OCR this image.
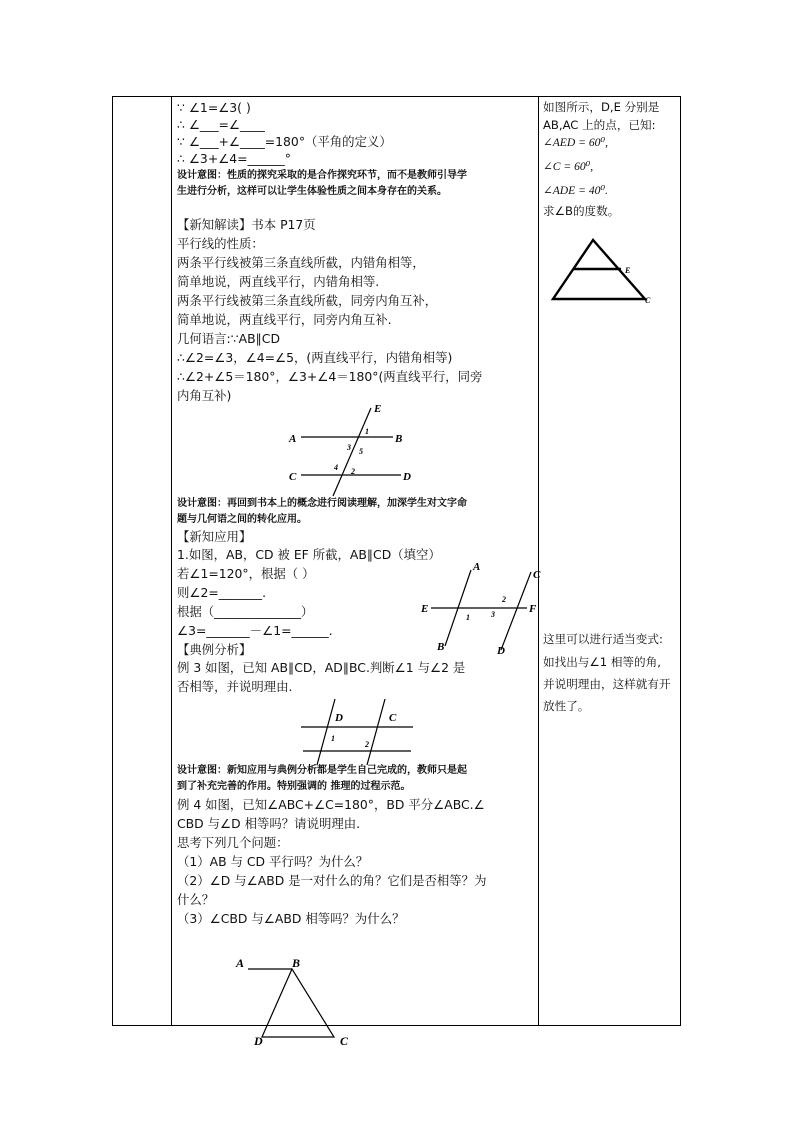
∵ ∠1=∠3( )
∴ ∠___=∠____
∵ ∠___+∠____=180°（平角的定义）
∴ ∠3+∠4=______°
设计意图：性质的探究采取的是合作探究环节，而不是教师引导学
生进行分析，这样可以让学生体验性质之间本身存在的关系。
【新知解读】书本 P17页
平行线的性质：
两条平行线被第三条直线所截，内错角相等，
简单地说，两直线平行，内错角相等.
两条平行线被第三条直线所截，同旁内角互补，
简单地说，两直线平行，同旁内角互补.
几何语言:∵AB∥CD
∴∠2=∠3，∠4=∠5，(两直线平行，内错角相等)
∴∠2+∠5＝180°，∠3+∠4＝180°(两直线平行，同旁
内角互补)
E
A	B
C	D
1
3 5
4 2
设计意图：再回到书本上的概念进行阅读理解，加深学生对文字命
题与几何语之间的转化应用。
【新知应用】
1.如图，AB，CD 被 EF 所截，AB∥CD（填空）
若∠1=120°，根据（ ）
则∠2=_______.
根据（______________）
∠3=_______－∠1=______.
A
C
E	F
B	D
1
2
3
【典例分析】
例 3 如图，已知 AB∥CD，AD∥BC.判断∠1 与∠2 是
否相等，并说明理由.
D	C
1
2
设计意图：新知应用与典例分析都是学生自己完成的，教师只是起
到了补充完善的作用。特别强调的 推理的过程示范。
例 4 如图，已知∠ABC+∠C=180°，BD 平分∠ABC.∠
CBD 与∠D 相等吗？请说明理由.
思考下列几个问题：
（1）AB 与 CD 平行吗？为什么？
（2）∠D 与∠ABD 是一对什么的角？它们是否相等？为
什么？
（3）∠CBD 与∠ABD 相等吗？为什么？
如图所示，D,E 分别是
AB,AC 上的点，已知:
∠AED = 60⁰,
∠C = 60⁰,
∠ADE = 40⁰.
求∠B的度数。
E
C
这里可以进行适当变式:
如找出与∠1 相等的角,
并说明理由，这样就有开
放性了。
A	B
D	C
